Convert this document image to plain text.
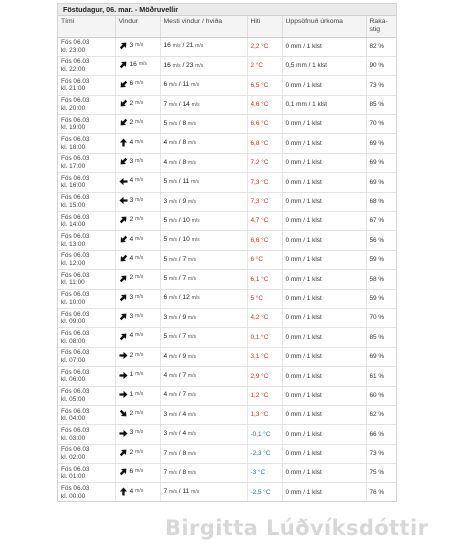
Föstudagur, 06. mar. - Möðruvellir
Tími	Vindur	Mesti vindur / hviða	Hiti	Uppsöfnuð úrkoma	Raka-
stig
Fös 06.03
kl. 23:00	3 m/s	16 m/s / 21 m/s	2,2 °C	0 mm / 1 klst	82 %
Fös 06.03
kl. 22:00	16 m/s	16 m/s / 23 m/s	2 °C	0,5 mm / 1 klst	90 %
Fös 06.03
kl. 21:00	6 m/s	6 m/s / 11 m/s	6,5 °C	0 mm / 1 klst	73 %
Fös 06.03
kl. 20:00	2 m/s	7 m/s / 14 m/s	4,6 °C	0,1 mm / 1 klst	85 %
Fös 06.03
kl. 19:00	2 m/s	5 m/s / 8 m/s	6,6 °C	0 mm / 1 klst	70 %
Fös 06.03
kl. 18:00	4 m/s	4 m/s / 8 m/s	6,8 °C	0 mm / 1 klst	69 %
Fös 06.03
kl. 17:00	3 m/s	4 m/s / 8 m/s	7,2 °C	0 mm / 1 klst	69 %
Fös 06.03
kl. 16:00	4 m/s	5 m/s / 11 m/s	7,3 °C	0 mm / 1 klst	69 %
Fös 06.03
kl. 15:00	3 m/s	3 m/s / 9 m/s	7,3 °C	0 mm / 1 klst	68 %
Fös 06.03
kl. 14:00	2 m/s	5 m/s / 10 m/s	4,7 °C	0 mm / 1 klst	67 %
Fös 06.03
kl. 13:00	4 m/s	5 m/s / 10 m/s	6,6 °C	0 mm / 1 klst	56 %
Fös 06.03
kl. 12:00	4 m/s	5 m/s / 7 m/s	6 °C	0 mm / 1 klst	59 %
Fös 06.03
kl. 11:00	2 m/s	5 m/s / 7 m/s	6,1 °C	0 mm / 1 klst	58 %
Fös 06.03
kl. 10:00	3 m/s	6 m/s / 12 m/s	5 °C	0 mm / 1 klst	59 %
Fös 06.03
kl. 09:00	3 m/s	3 m/s / 9 m/s	4,2 °C	0 mm / 1 klst	70 %
Fös 06.03
kl. 08:00	4 m/s	5 m/s / 7 m/s	0,1 °C	0 mm / 1 klst	85 %
Fös 06.03
kl. 07:00	2 m/s	4 m/s / 9 m/s	3,1 °C	0 mm / 1 klst	69 %
Fös 06.03
kl. 06:00	1 m/s	4 m/s / 7 m/s	2,9 °C	0 mm / 1 klst	61 %
Fös 06.03
kl. 05:00	1 m/s	4 m/s / 7 m/s	1,2 °C	0 mm / 1 klst	60 %
Fös 06.03
kl. 04:00	2 m/s	3 m/s / 4 m/s	1,3 °C	0 mm / 1 klst	62 %
Fös 06.03
kl. 03:00	3 m/s	3 m/s / 4 m/s	-0,1 °C	0 mm / 1 klst	66 %
Fös 06.03
kl. 02:00	2 m/s	7 m/s / 8 m/s	-2,3 °C	0 mm / 1 klst	73 %
Fös 06.03
kl. 01:00	6 m/s	7 m/s / 8 m/s	-3 °C	0 mm / 1 klst	75 %
Fös 06.03
kl. 00:00	4 m/s	7 m/s / 11 m/s	-2,5 °C	0 mm / 1 klst	76 %
Birgitta Lúðvíksdóttir
